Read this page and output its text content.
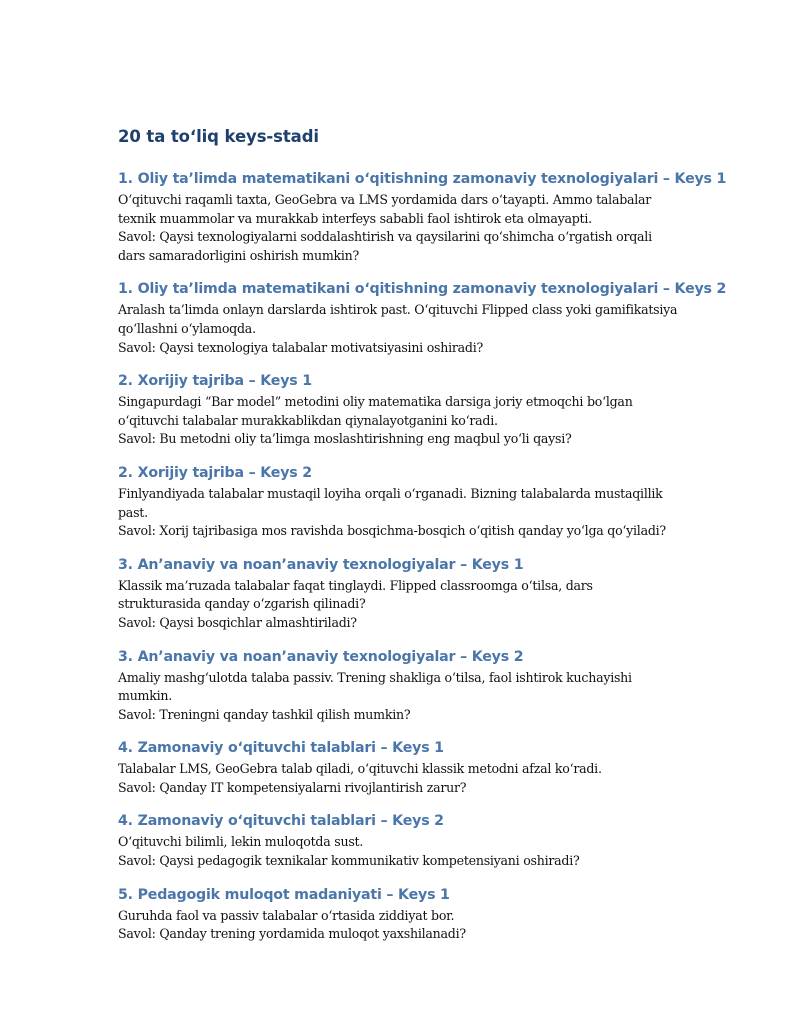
20 ta toʻliq keys-stadi
1. Oliy ta’limda matematikani oʻqitishning zamonaviy texnologiyalari – Keys 1

Oʻqituvchi raqamli taxta, GeoGebra va LMS yordamida dars oʻtayapti. Ammo talabalar texnik muammolar va murakkab interfeys sababli faol ishtirok eta olmayapti.

Savol: Qaysi texnologiyalarni soddalashtirish va qaysilarini qoʻshimcha oʻrgatish orqali dars samaradorligini oshirish mumkin?

1. Oliy ta’limda matematikani oʻqitishning zamonaviy texnologiyalari – Keys 2

Aralash ta’limda onlayn darslarda ishtirok past. Oʻqituvchi Flipped class yoki gamifikatsiya qoʻllashni oʻylamoqda.

Savol: Qaysi texnologiya talabalar motivatsiyasini oshiradi?

2. Xorijiy tajriba – Keys 1

Singapurdagi “Bar model” metodini oliy matematika darsiga joriy etmoqchi boʻlgan oʻqituvchi talabalar murakkablikdan qiynalayotganini koʻradi.

Savol: Bu metodni oliy ta’limga moslashtirishning eng maqbul yoʻli qaysi?

2. Xorijiy tajriba – Keys 2

Finlyandiyada talabalar mustaqil loyiha orqali oʻrganadi. Bizning talabalarda mustaqillik past.

Savol: Xorij tajribasiga mos ravishda bosqichma-bosqich oʻqitish qanday yoʻlga qoʻyiladi?

3. An’anaviy va noan’anaviy texnologiyalar – Keys 1

Klassik ma’ruzada talabalar faqat tinglaydi. Flipped classroomga oʻtilsa, dars strukturasida qanday oʻzgarish qilinadi?

Savol: Qaysi bosqichlar almashtiriladi?

3. An’anaviy va noan’anaviy texnologiyalar – Keys 2

Amaliy mashgʻulotda talaba passiv. Trening shakliga oʻtilsa, faol ishtirok kuchayishi mumkin.

Savol: Treningni qanday tashkil qilish mumkin?

4. Zamonaviy oʻqituvchi talablari – Keys 1

Talabalar LMS, GeoGebra talab qiladi, oʻqituvchi klassik metodni afzal koʻradi.

Savol: Qanday IT kompetensiyalarni rivojlantirish zarur?

4. Zamonaviy oʻqituvchi talablari – Keys 2

Oʻqituvchi bilimli, lekin muloqotda sust.

Savol: Qaysi pedagogik texnikalar kommunikativ kompetensiyani oshiradi?

5. Pedagogik muloqot madaniyati – Keys 1

Guruhda faol va passiv talabalar oʻrtasida ziddiyat bor.

Savol: Qanday trening yordamida muloqot yaxshilanadi?
